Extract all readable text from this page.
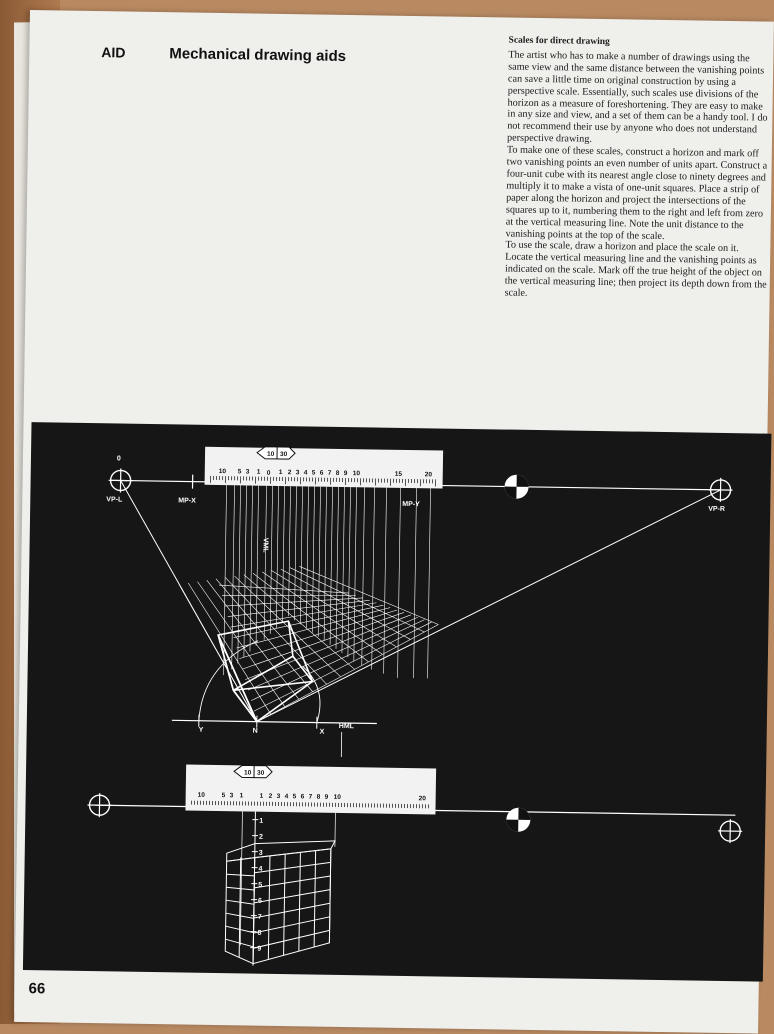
AID	Mechanical drawing aids
Scales for direct drawing

The artist who has to make a number of drawings using the same view and the same distance between the vanishing points can save a little time on original construction by using a perspective scale. Essentially, such scales use divisions of the horizon as a measure of foreshortening. They are easy to make in any size and view, and a set of them can be a handy tool. I do not recommend their use by anyone who does not understand perspective drawing.

To make one of these scales, construct a horizon and mark off two vanishing points an even number of units apart. Construct a four-unit cube with its nearest angle close to ninety degrees and multiply it to make a vista of one-unit squares. Place a strip of paper along the horizon and project the intersections of the squares up to it, numbering them to the right and left from zero at the vertical measuring line. Note the unit distance to the vanishing points at the top of the scale.

To use the scale, draw a horizon and place the scale on it. Locate the vertical measuring line and the vanishing points as indicated on the scale. Mark off the true height of the object on the vertical measuring line; then project its depth down from the scale.

10 30
10 5 3 1 0 1 2 3 4 5 6 7 8 9 10	15	20
0
VP-L	MP-X	MP-Y
VP-R
VML
Y	N	X
HML
10 30
10	5 3 1	1 2 3 4 5 6 7 8 9 10	20
1
2
3
4
5
6
7
8
9
66
